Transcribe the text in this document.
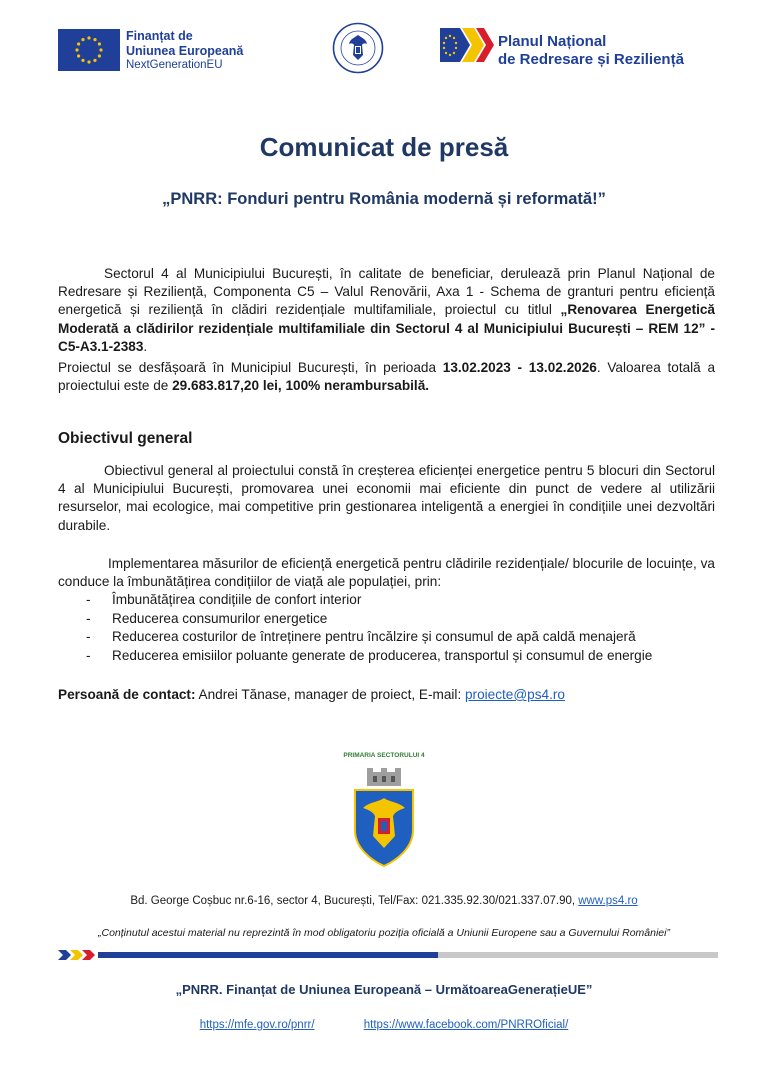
Finanțat de
Uniunea Europeană
NextGenerationEU
Planul Național
de Redresare și Reziliență
Comunicat de presă
„PNRR: Fonduri pentru România modernă și reformată!”
Sectorul 4 al Municipiului București, în calitate de beneficiar, derulează prin Planul Național de Redresare și Reziliență, Componenta C5 – Valul Renovării, Axa 1 - Schema de granturi pentru eficiență energetică și reziliență în clădiri rezidențiale multifamiliale, proiectul cu titlul „Renovarea Energetică Moderată a clădirilor rezidențiale multifamiliale din Sectorul 4 al Municipiului București – REM 12” - C5-A3.1-2383.
Proiectul se desfășoară în Municipiul București, în perioada 13.02.2023 - 13.02.2026. Valoarea totală a proiectului este de 29.683.817,20 lei, 100% nerambursabilă.
Obiectivul general
Obiectivul general al proiectului constă în creșterea eficienței energetice pentru 5 blocuri din Sectorul 4 al Municipiului București, promovarea unei economii mai eficiente din punct de vedere al utilizării resurselor, mai ecologice, mai competitive prin gestionarea inteligentă a energiei în condițiile unei dezvoltări durabile.
Implementarea măsurilor de eficiență energetică pentru clădirile rezidențiale/ blocurile de locuințe, va conduce la îmbunătățirea condițiilor de viață ale populației, prin:
- Îmbunătățirea condițiile de confort interior
- Reducerea consumurilor energetice
- Reducerea costurilor de întreținere pentru încălzire și consumul de apă caldă menajeră
- Reducerea emisiilor poluante generate de producerea, transportul și consumul de energie
Persoană de contact: Andrei Tănase, manager de proiect, E-mail: proiecte@ps4.ro
PRIMARIA SECTORULUI 4
Bd. George Coșbuc nr.6-16, sector 4, București, Tel/Fax: 021.335.92.30/021.337.07.90, www.ps4.ro
„Conținutul acestui material nu reprezintă în mod obligatoriu poziția oficială a Uniunii Europene sau a Guvernului României”
„PNRR. Finanțat de Uniunea Europeană – UrmătoareaGenerațieUE”
https://mfe.gov.ro/pnrr/	https://www.facebook.com/PNRROficial/
